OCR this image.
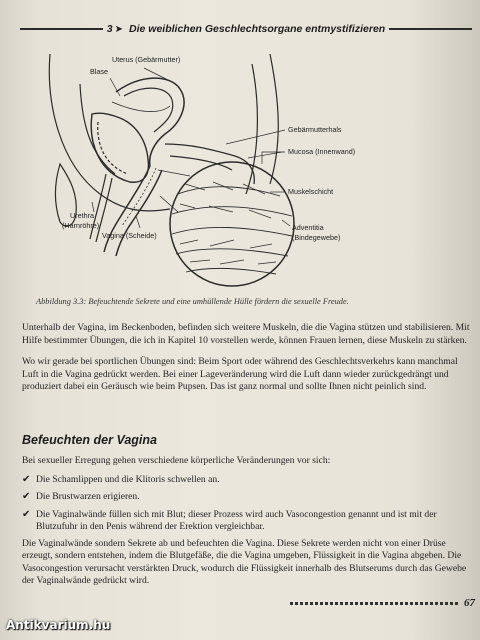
3 ➤ Die weiblichen Geschlechtsorgane entmystifizieren
Uterus (Gebärmutter)
Blase
Gebärmutterhals
Mucosa (Innenwand)
Muskelschicht
Urethra
(Harnröhre)
Vagina (Scheide)
Adventitia
(Bindegewebe)
Abbildung 3.3: Befeuchtende Sekrete und eine umhüllende Hülle fördern die sexuelle Freude.

Unterhalb der Vagina, im Beckenboden, befinden sich weitere Muskeln, die die Vagina stützen und stabilisieren. Mit Hilfe bestimmter Übungen, die ich in Kapitel 10 vorstellen werde, können Frauen lernen, diese Muskeln zu stärken.

Wo wir gerade bei sportlichen Übungen sind: Beim Sport oder während des Geschlechtsverkehrs kann manchmal Luft in die Vagina gedrückt werden. Bei einer Lageveränderung wird die Luft dann wieder zurückgedrängt und produziert dabei ein Geräusch wie beim Pupsen. Das ist ganz normal und sollte Ihnen nicht peinlich sind.

Befeuchten der Vagina
Bei sexueller Erregung gehen verschiedene körperliche Veränderungen vor sich:
✔ Die Schamlippen und die Klitoris schwellen an.
✔ Die Brustwarzen erigieren.
✔ Die Vaginalwände füllen sich mit Blut; dieser Prozess wird auch Vasocongestion genannt und ist mit der Blutzufuhr in den Penis während der Erektion vergleichbar.
Die Vaginalwände sondern Sekrete ab und befeuchten die Vagina. Diese Sekrete werden nicht von einer Drüse erzeugt, sondern entstehen, indem die Blutgefäße, die die Vagina umgeben, Flüssigkeit in die Vagina abgeben. Die Vasocongestion verursacht verstärkten Druck, wodurch die Flüssigkeit innerhalb des Blutserums durch das Gewebe der Vaginalwände gedrückt wird.
67
Antikvarium.hu
